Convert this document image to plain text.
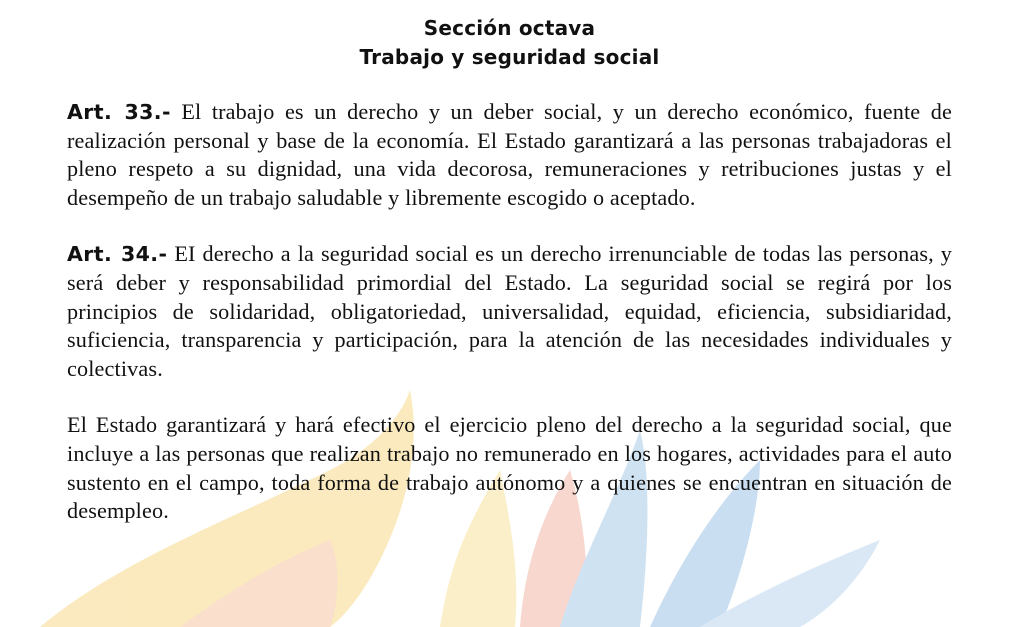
Sección octava

Trabajo y seguridad social

Art. 33.- El trabajo es un derecho y un deber social, y un derecho económico, fuente de realización personal y base de la economía. El Estado garantizará a las personas trabajadoras el pleno respeto a su dignidad, una vida decorosa, remuneraciones y retribuciones justas y el desempeño de un trabajo saludable y libremente escogido o aceptado.

Art. 34.- EI derecho a la seguridad social es un derecho irrenunciable de todas las personas, y será deber y responsabilidad primordial del Estado. La seguridad social se regirá por los principios de solidaridad, obligatoriedad, universalidad, equidad, eficiencia, subsidiaridad, suficiencia, transparencia y participación, para la atención de las necesidades individuales y colectivas.

El Estado garantizará y hará efectivo el ejercicio pleno del derecho a la seguridad social, que incluye a las personas que realizan trabajo no remunerado en los hogares, actividades para el auto sustento en el campo, toda forma de trabajo autónomo y a quienes se encuentran en situación de desempleo.
